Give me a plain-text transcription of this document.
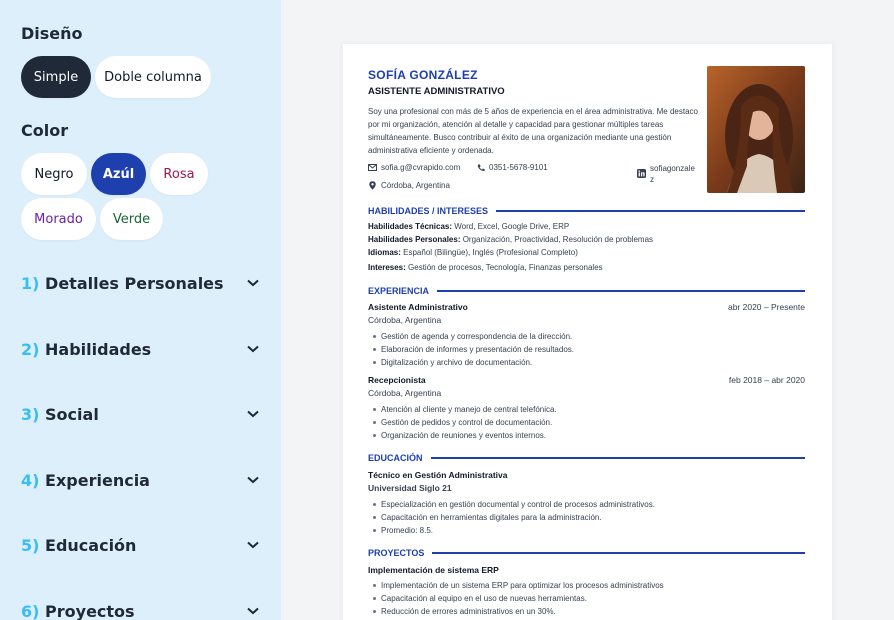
Diseño
Simple	Doble columna
Color
Negro	Azúl	Rosa
Morado	Verde
1) Detalles Personales
2) Habilidades
3) Social
4) Experiencia
5) Educación
6) Proyectos
SOFÍA GONZÁLEZ
ASISTENTE ADMINISTRATIVO
Soy una profesional con más de 5 años de experiencia en el área administrativa. Me destaco por mi organización, atención al detalle y capacidad para gestionar múltiples tareas simultáneamente. Busco contribuir al éxito de una organización mediante una gestión administrativa eficiente y ordenada.
sofia.g@cvrapido.com	0351-5678-9101	sofiagonzale
z
Córdoba, Argentina
HABILIDADES / INTERESES
Habilidades Técnicas: Word, Excel, Google Drive, ERP
Habilidades Personales: Organización, Proactividad, Resolución de problemas
Idiomas: Español (Bilingüe), Inglés (Profesional Completo)
Intereses: Gestión de procesos, Tecnología, Finanzas personales
EXPERIENCIA
Asistente Administrativo	abr 2020 – Presente
Córdoba, Argentina
Gestión de agenda y correspondencia de la dirección.
Elaboración de informes y presentación de resultados.
Digitalización y archivo de documentación.
Recepcionista	feb 2018 – abr 2020
Córdoba, Argentina
Atención al cliente y manejo de central telefónica.
Gestión de pedidos y control de documentación.
Organización de reuniones y eventos internos.
EDUCACIÓN
Técnico en Gestión Administrativa
Universidad Siglo 21
Especialización en gestión documental y control de procesos administrativos.
Capacitación en herramientas digitales para la administración.
Promedio: 8.5.
PROYECTOS
Implementación de sistema ERP
Implementación de un sistema ERP para optimizar los procesos administrativos
Capacitación al equipo en el uso de nuevas herramientas.
Reducción de errores administrativos en un 30%.
